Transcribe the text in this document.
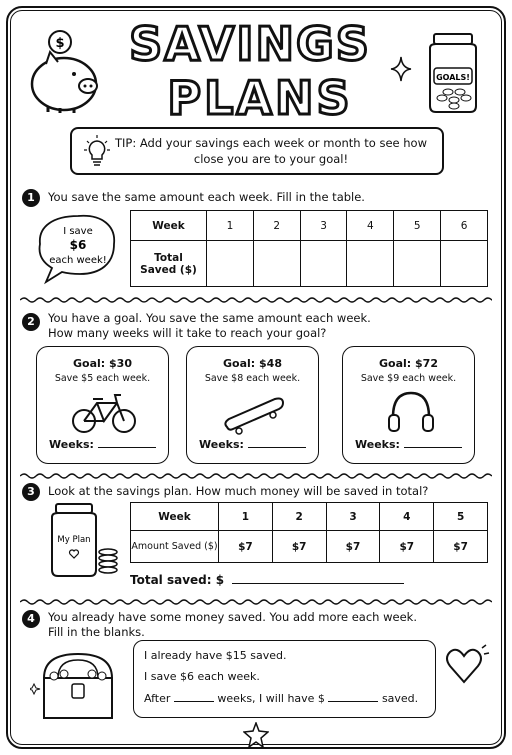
$ SAVINGS
PLANS	GOALS!
TIP: Add your savings each week or month to see how close you are to your goal!
1	You save the same amount each week. Fill in the table.
I save
$6
each week!
Week	1	2	3	4	5	6
Total Saved ($)						
2	You have a goal. You save the same amount each week.
How many weeks will it take to reach your goal?
Goal: $30
Save $5 each week.
Weeks:
Goal: $48
Save $8 each week.
Weeks:
Goal: $72
Save $9 each week.
Weeks:
3	Look at the savings plan. How much money will be saved in total?
My Plan
Week	1	2	3	4	5
Amount Saved ($)	$7	$7	$7	$7	$7
Total saved: $
4	You already have some money saved. You add more each week.
Fill in the blanks.
I already have $15 saved.
I save $6 each week.
After	weeks, I will have $	saved.
